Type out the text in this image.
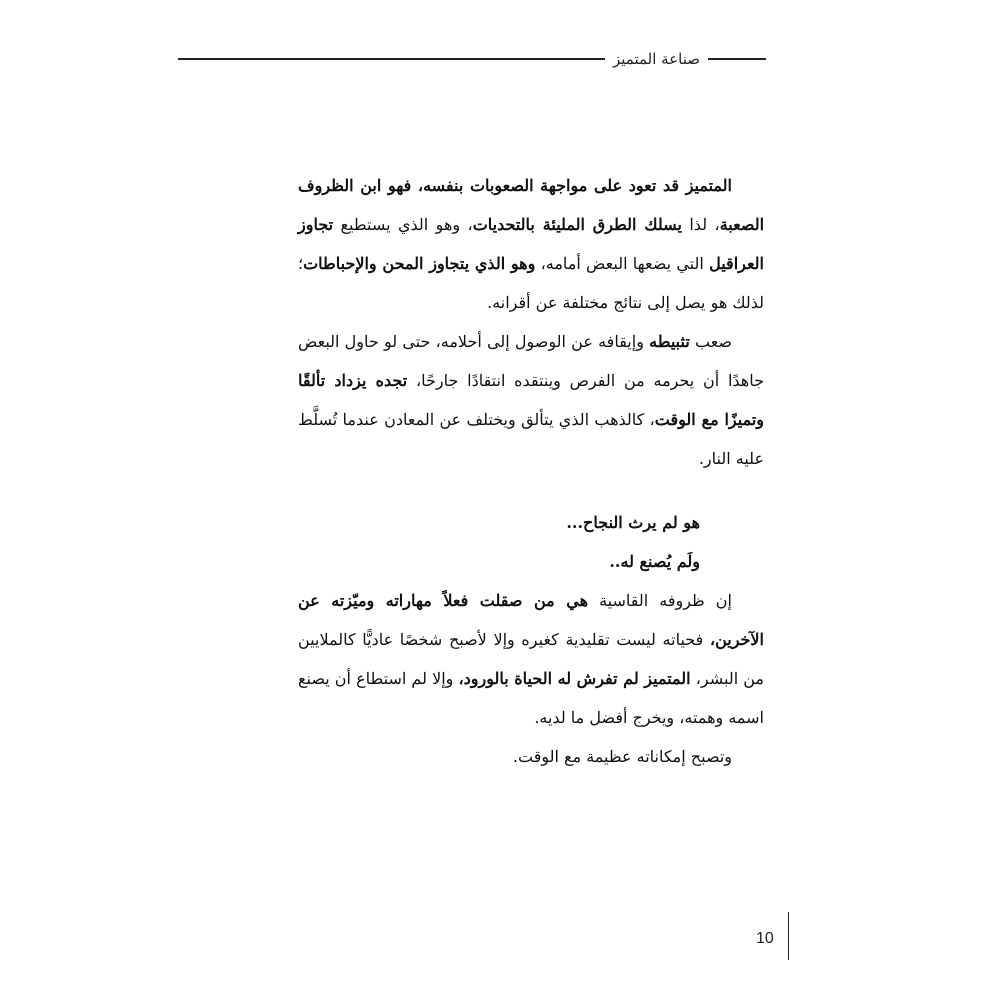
صناعة المتميز

المتميز قد تعود على مواجهة الصعوبات بنفسه، فهو ابن الظروف الصعبة، لذا يسلك الطرق المليئة بالتحديات، وهو الذي يستطيع تجاوز العراقيل التي يضعها البعض أمامه، وهو الذي يتجاوز المحن والإحباطات؛ لذلك هو يصل إلى نتائج مختلفة عن أقرانه.

صعب تثبيطه وإيقافه عن الوصول إلى أحلامه، حتى لو حاول البعض جاهدًا أن يحرمه من الفرص وينتقده انتقادًا جارحًا، تجده يزداد تألقًا وتميزًا مع الوقت، كالذهب الذي يتألق ويختلف عن المعادن عندما تُسلَّط عليه النار.

هو لم يرث النجاح...

ولَم يُصنع له..

إن ظروفه القاسية هي من صقلت فعلاً مهاراته وميّزته عن الآخرين، فحياته ليست تقليدية كغيره وإلا لأصبح شخصًا عاديًّا كالملايين من البشر، المتميز لم تفرش له الحياة بالورود، وإلا لم استطاع أن يصنع اسمه وهمته، ويخرج أفضل ما لديه.

وتصبح إمكاناته عظيمة مع الوقت.

10
